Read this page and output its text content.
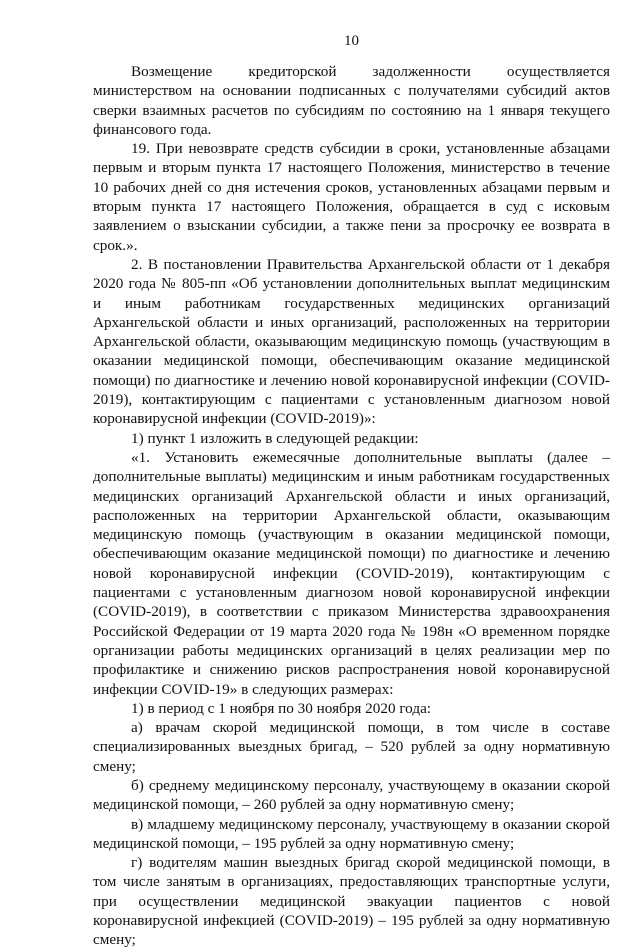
10

Возмещение кредиторской задолженности осуществляется министерством на основании подписанных с получателями субсидий актов сверки взаимных расчетов по субсидиям по состоянию на 1 января текущего финансового года.

19. При невозврате средств субсидии в сроки, установленные абзацами первым и вторым пункта 17 настоящего Положения, министерство в течение 10 рабочих дней со дня истечения сроков, установленных абзацами первым и вторым пункта 17 настоящего Положения, обращается в суд с исковым заявлением о взыскании субсидии, а также пени за просрочку ее возврата в срок.».

2. В постановлении Правительства Архангельской области от 1 декабря 2020 года № 805-пп «Об установлении дополнительных выплат медицинским и иным работникам государственных медицинских организаций Архангельской области и иных организаций, расположенных на территории Архангельской области, оказывающим медицинскую помощь (участвующим в оказании медицинской помощи, обеспечивающим оказание медицинской помощи) по диагностике и лечению новой коронавирусной инфекции (COVID-2019), контактирующим с пациентами с установленным диагнозом новой коронавирусной инфекции (COVID-2019)»:

1) пункт 1 изложить в следующей редакции:

«1. Установить ежемесячные дополнительные выплаты (далее – дополнительные выплаты) медицинским и иным работникам государственных медицинских организаций Архангельской области и иных организаций, расположенных на территории Архангельской области, оказывающим медицинскую помощь (участвующим в оказании медицинской помощи, обеспечивающим оказание медицинской помощи) по диагностике и лечению новой коронавирусной инфекции (COVID-2019), контактирующим с пациентами с установленным диагнозом новой коронавирусной инфекции (COVID-2019), в соответствии с приказом Министерства здравоохранения Российской Федерации от 19 марта 2020 года № 198н «О временном порядке организации работы медицинских организаций в целях реализации мер по профилактике и снижению рисков распространения новой коронавирусной инфекции COVID-19» в следующих размерах:

1) в период с 1 ноября по 30 ноября 2020 года:

а) врачам скорой медицинской помощи, в том числе в составе специализированных выездных бригад, – 520 рублей за одну нормативную смену;

б) среднему медицинскому персоналу, участвующему в оказании скорой медицинской помощи, – 260 рублей за одну нормативную смену;

в) младшему медицинскому персоналу, участвующему в оказании скорой медицинской помощи, – 195 рублей за одну нормативную смену;

г) водителям машин выездных бригад скорой медицинской помощи, в том числе занятым в организациях, предоставляющих транспортные услуги, при осуществлении медицинской эвакуации пациентов с новой коронавирусной инфекцией (COVID-2019) – 195 рублей за одну нормативную смену;
